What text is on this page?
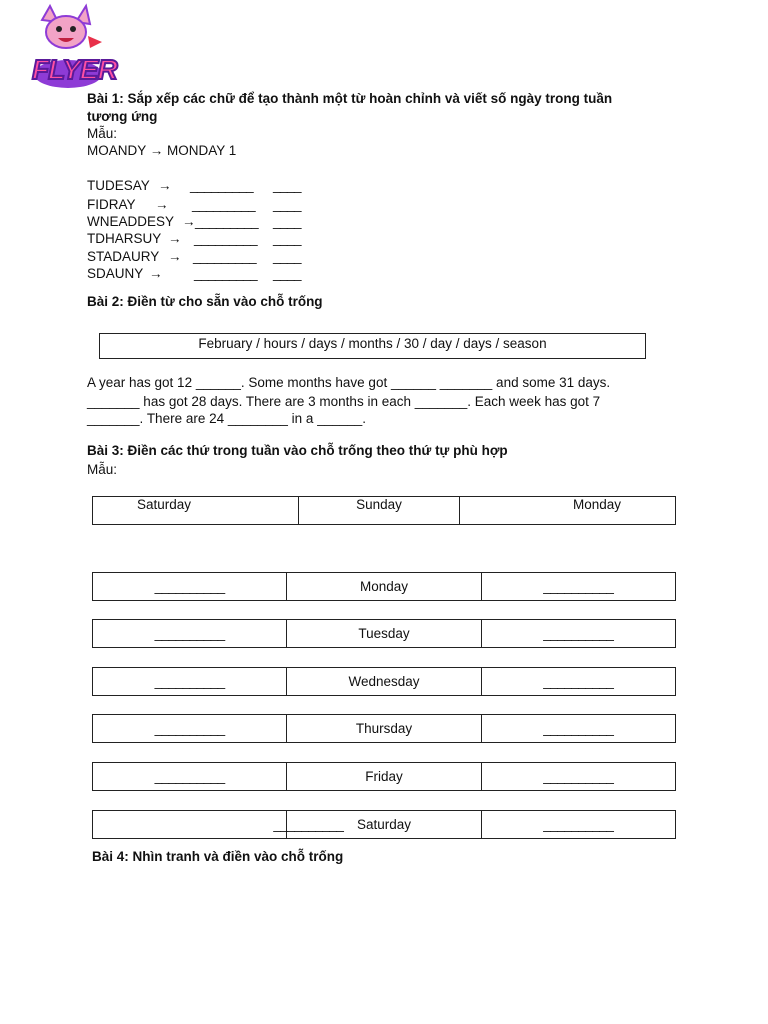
FLYER
Bài 1: Sắp xếp các chữ để tạo thành một từ hoàn chỉnh và viết số ngày trong tuần
tương ứng
Mẫu:
MOANDY → MONDAY 1
TUDESAY → _________ ____
FIDRAY → _________ ____
WNEADDESY → _________ ____
TDHARSUY → _________ ____
STADAURY → _________ ____
SDAUNY → _________ ____
Bài 2: Điền từ cho sẵn vào chỗ trống
February / hours / days / months / 30 / day / days / season
A year has got 12 ______. Some months have got ______ _______ and some 31 days.
_______ has got 28 days. There are 3 months in each _______. Each week has got 7
_______. There are 24 ________ in a ______.
Bài 3: Điền các thứ trong tuần vào chỗ trống theo thứ tự phù hợp
Mẫu:
Saturday	Sunday	Monday
__________	Monday	__________
__________	Tuesday	__________
__________	Wednesday	__________
__________	Thursday	__________
__________	Friday	__________
__________ Saturday	__________
Bài 4: Nhìn tranh và điền vào chỗ trống
